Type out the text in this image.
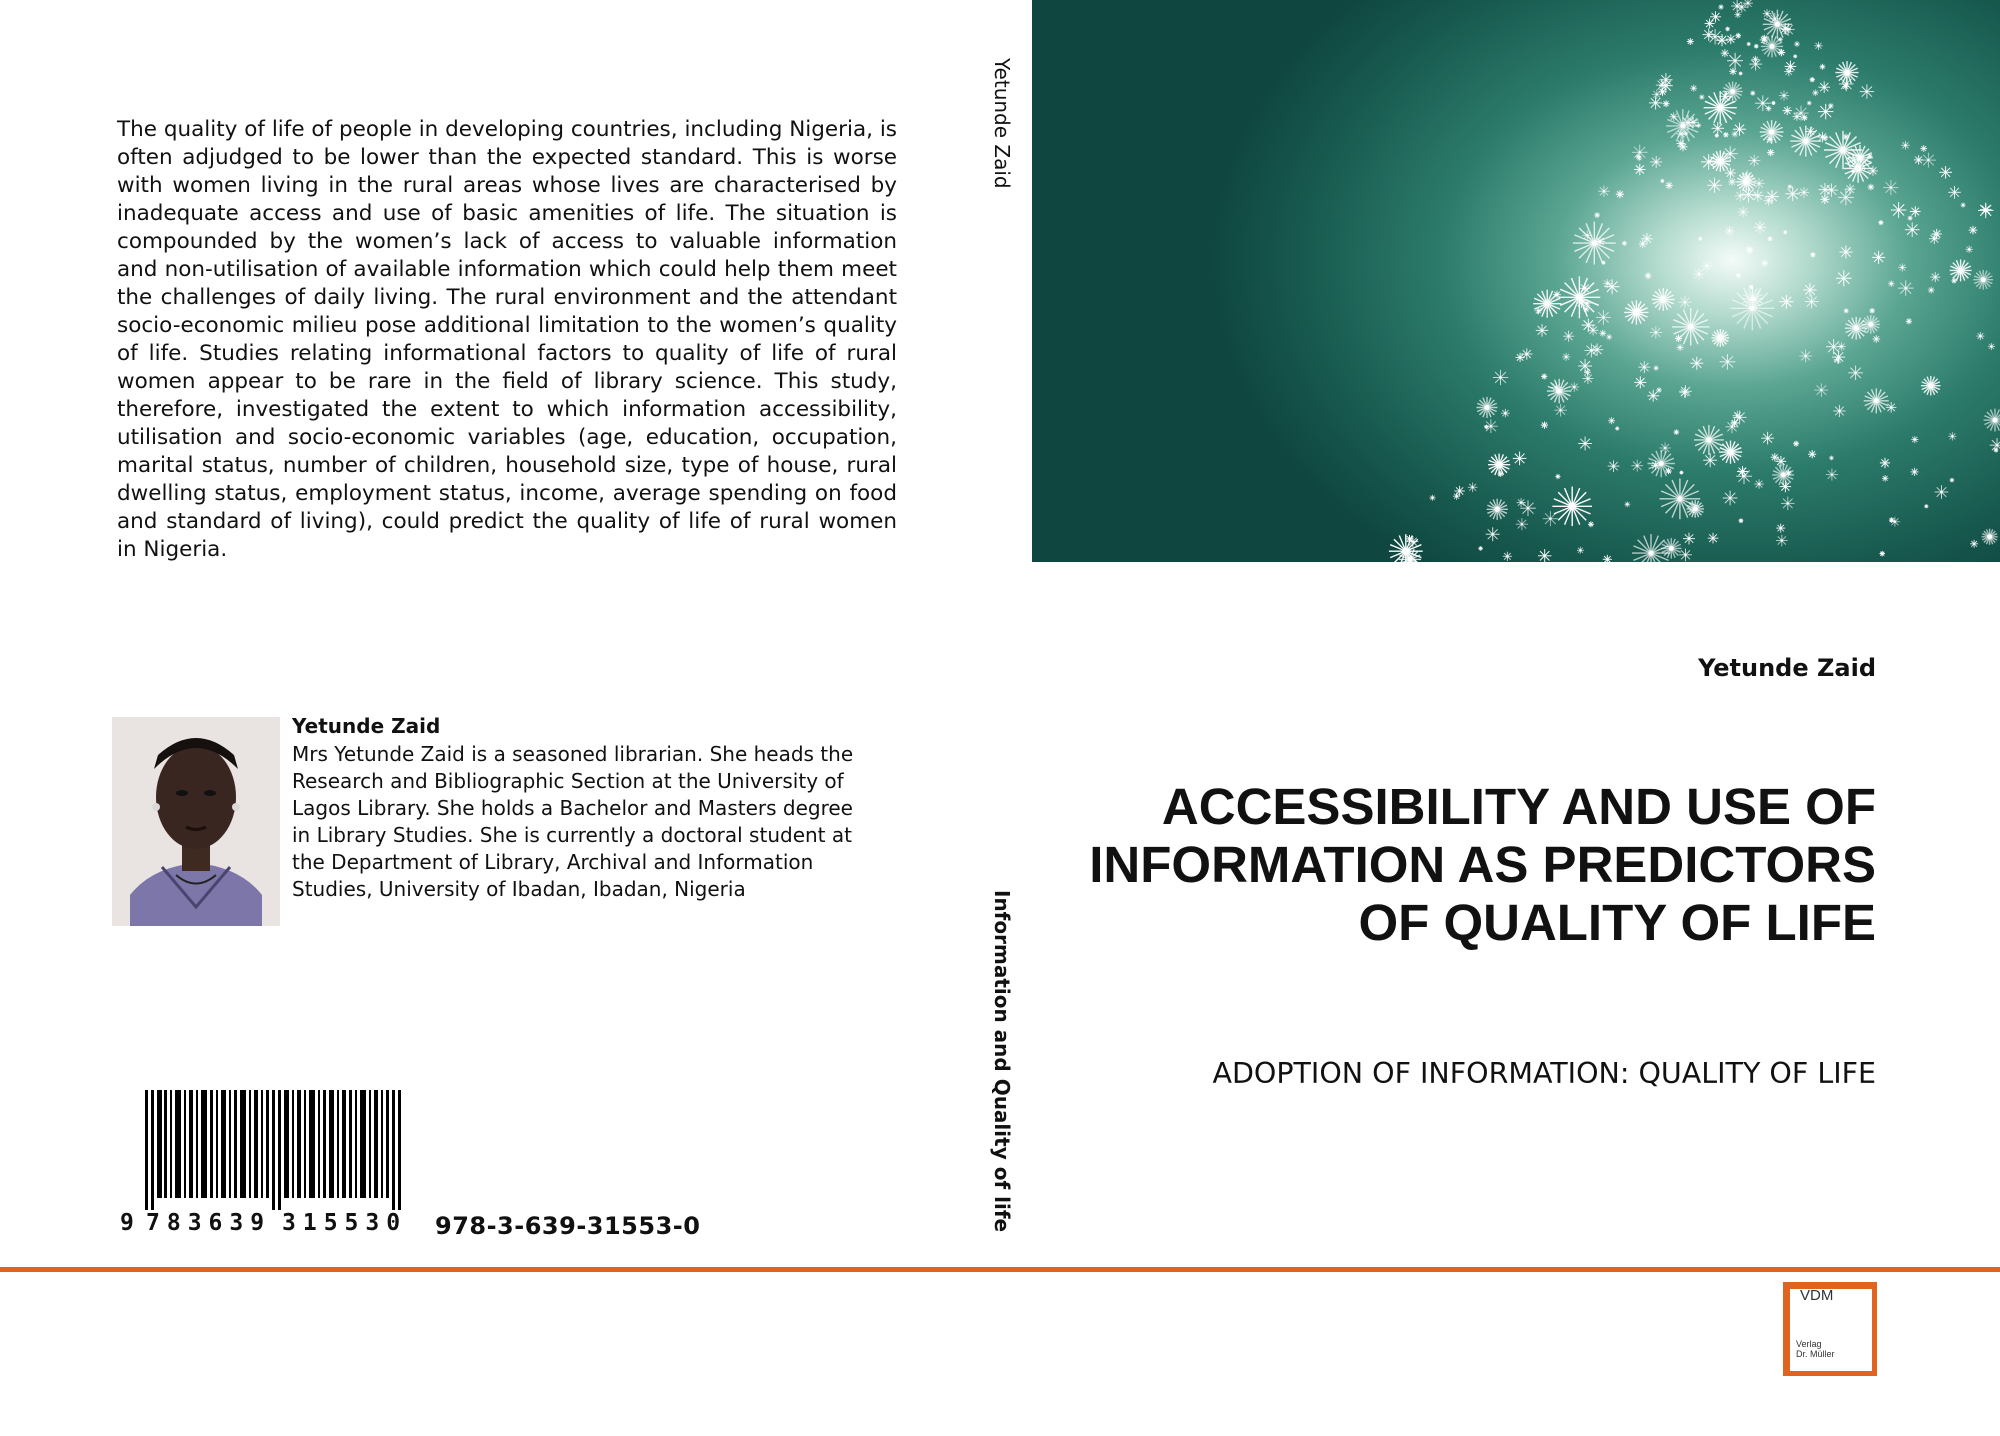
The quality of life of people in developing countries, including Nigeria, is often adjudged to be lower than the expected standard. This is worse with women living in the rural areas whose lives are characterised by inadequate access and use of basic amenities of life. The situation is compounded by the women’s lack of access to valuable information and non-utilisation of available information which could help them meet the challenges of daily living. The rural environment and the attendant socio-economic milieu pose additional limitation to the women’s quality of life. Studies relating informational factors to quality of life of rural women appear to be rare in the field of library science. This study, therefore, investigated the extent to which information accessibility, utilisation and socio-economic variables (age, education, occupation, marital status, number of children, household size, type of house, rural dwelling status, employment status, income, average spending on food and standard of living), could predict the quality of life of rural women in Nigeria.

Yetunde Zaid

Mrs Yetunde Zaid is a seasoned librarian. She heads the Research and Bibliographic Section at the University of Lagos Library. She holds a Bachelor and Masters degree in Library Studies. She is currently a doctoral student at the Department of Library, Archival and Information Studies, University of Ibadan, Ibadan, Nigeria

9 783639 315530 978-3-639-31553-0
Yetunde Zaid
Information and Quality of life
Yetunde Zaid
ACCESSIBILITY AND USE OF INFORMATION AS PREDICTORS OF QUALITY OF LIFE

ADOPTION OF INFORMATION: QUALITY OF LIFE

VDM
Verlag
Dr. Müller
